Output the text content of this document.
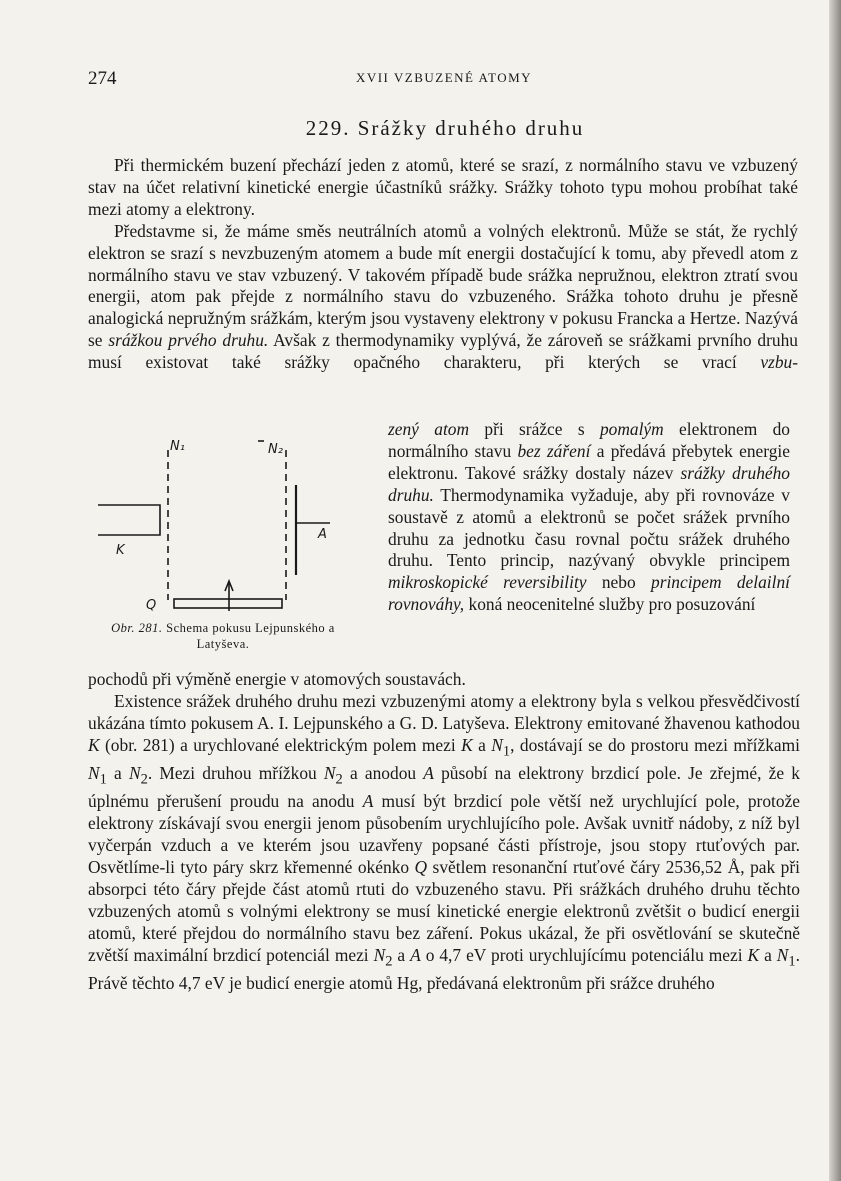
274	XVII VZBUZENÉ ATOMY
229. Srážky druhého druhu

Při thermickém buzení přechází jeden z atomů, které se srazí, z normálního stavu ve vzbuzený stav na účet relativní kinetické energie účastníků srážky. Srážky tohoto typu mohou probíhat také mezi atomy a elektrony.

Představme si, že máme směs neutrálních atomů a volných elektronů. Může se stát, že rychlý elektron se srazí s nevzbuzeným atomem a bude mít energii dostačující k tomu, aby převedl atom z normálního stavu ve stav vzbuzený. V takovém případě bude srážka nepružnou, elektron ztratí svou energii, atom pak přejde z normálního stavu do vzbuzeného. Srážka tohoto druhu je přesně analogická nepružným srážkám, kterým jsou vystaveny elektrony v pokusu Francka a Hertze. Nazývá se srážkou prvého druhu. Avšak z thermodynamiky vyplývá, že zároveň se srážkami prvního druhu musí existovat také srážky opačného charakteru, při kterých se vrací vzbu-

N₁	N₂
K
A
Q
Obr. 281. Schema pokusu Lejpunského a Latyševa.

zený atom při srážce s pomalým elektronem do normálního stavu bez záření a předává přebytek energie elektronu. Takové srážky dostaly název srážky druhého druhu. Thermodynamika vyžaduje, aby při rovnováze v soustavě z atomů a elektronů se počet srážek prvního druhu za jednotku času rovnal počtu srážek druhého druhu. Tento princip, nazývaný obvykle principem mikroskopické reversibility nebo principem delailní rovnováhy, koná neocenitelné služby pro posuzování

pochodů při výměně energie v atomových soustavách.

Existence srážek druhého druhu mezi vzbuzenými atomy a elektrony byla s velkou přesvědčivostí ukázána tímto pokusem A. I. Lejpunského a G. D. Latyševa. Elektrony emitované žhavenou kathodou K (obr. 281) a urychlované elektrickým polem mezi K a $N_1$, dostávají se do prostoru mezi mřížkami $N_1$ a $N_2$. Mezi druhou mřížkou $N_2$ a anodou A působí na elektrony brzdicí pole. Je zřejmé, že k úplnému přerušení proudu na anodu A musí být brzdicí pole větší než urychlující pole, protože elektrony získávají svou energii jenom působením urychlujícího pole. Avšak uvnitř nádoby, z níž byl vyčerpán vzduch a ve kterém jsou uzavřeny popsané části přístroje, jsou stopy rtuťových par. Osvětlíme-li tyto páry skrz křemenné okénko Q světlem resonanční rtuťové čáry 2536,52 Å, pak při absorpci této čáry přejde část atomů rtuti do vzbuzeného stavu. Při srážkách druhého druhu těchto vzbuzených atomů s volnými elektrony se musí kinetické energie elektronů zvětšit o budicí energii atomů, které přejdou do normálního stavu bez záření. Pokus ukázal, že při osvětlování se skutečně zvětší maximální brzdicí potenciál mezi $N_2$ a A o 4,7 eV proti urychlujícímu potenciálu mezi K a $N_1$. Právě těchto 4,7 eV je budicí energie atomů Hg, předávaná elektronům při srážce druhého
